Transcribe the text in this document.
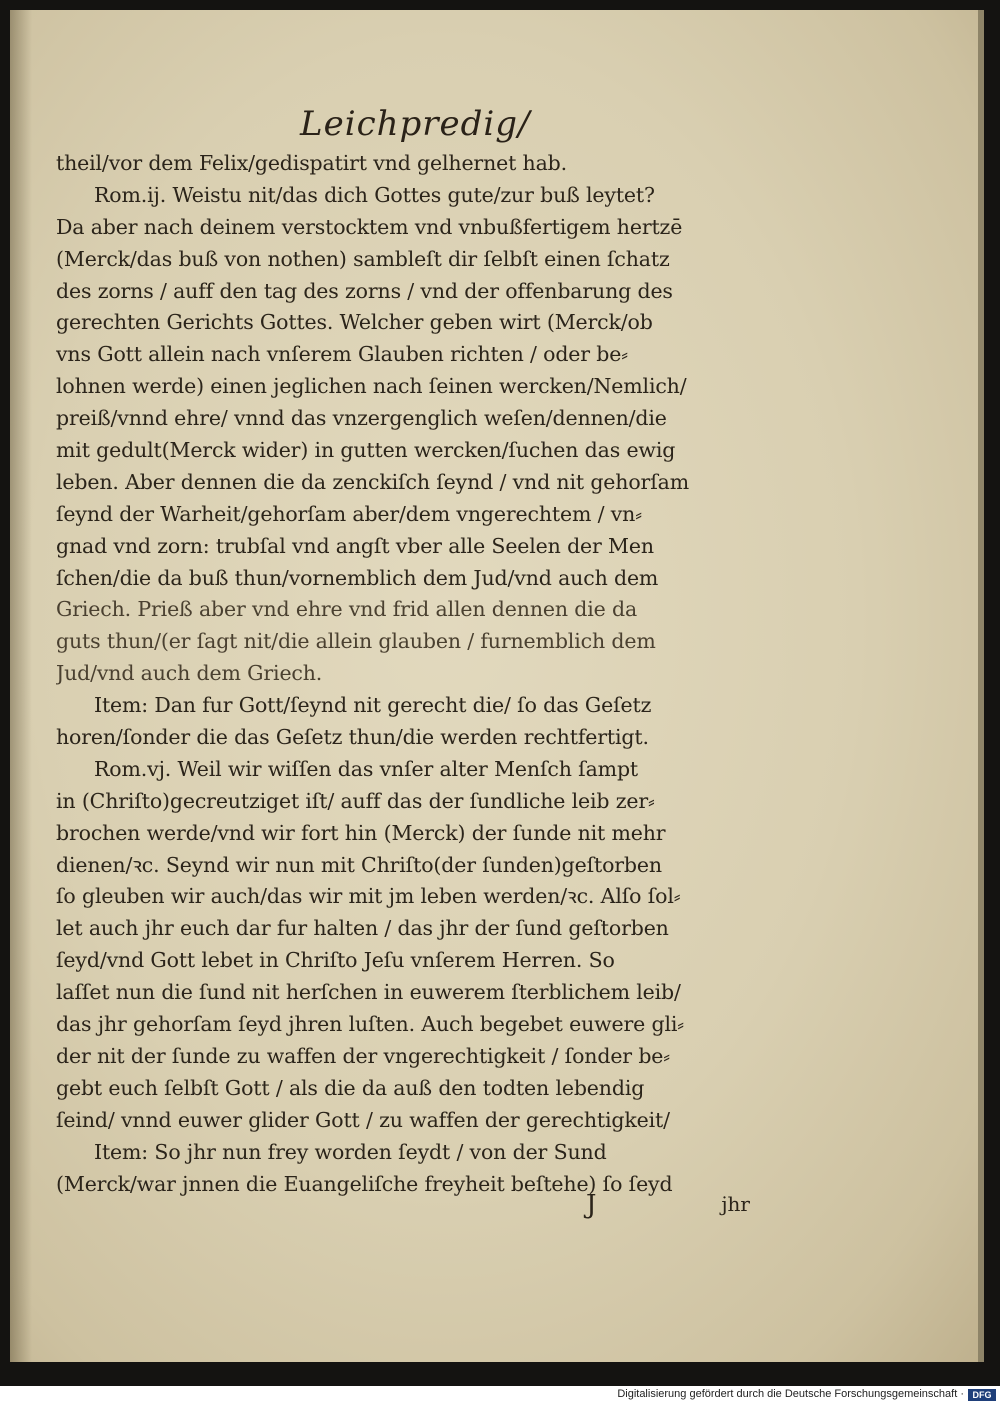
Leichpredig/
theil/vor dem Felix/gedispatirt vnd gelhernet hab.
Rom.ij. Weistu nit/das dich Gottes gute/zur buß leytet?
Da aber nach deinem verstocktem vnd vnbußfertigem hertzē
(Merck/das buß von nothen) sambleſt dir ſelbſt einen ſchatz
des zorns / auff den tag des zorns / vnd der offenbarung des
gerechten Gerichts Gottes. Welcher geben wirt (Merck/ob
vns Gott allein nach vnſerem Glauben richten / oder be⸗
lohnen werde) einen jeglichen nach ſeinen wercken/Nemlich/
preiß/vnnd ehre/ vnnd das vnzergenglich weſen/dennen/die
mit gedult(Merck wider) in gutten wercken/ſuchen das ewig
leben. Aber dennen die da zenckiſch ſeynd / vnd nit gehorſam
ſeynd der Warheit/gehorſam aber/dem vngerechtem / vn⸗
gnad vnd zorn: trubſal vnd angſt vber alle Seelen der Men
ſchen/die da buß thun/vornemblich dem Jud/vnd auch dem
Griech. Prieß aber vnd ehre vnd frid allen dennen die da
guts thun/(er ſagt nit/die allein glauben / furnemblich dem
Jud/vnd auch dem Griech.
Item: Dan fur Gott/ſeynd nit gerecht die/ ſo das Geſetz
horen/ſonder die das Geſetz thun/die werden rechtfertigt.
Rom.vj. Weil wir wiſſen das vnſer alter Menſch ſampt
in (Chriſto)gecreutziget iſt/ auff das der ſundliche leib zer⸗
brochen werde/vnd wir fort hin (Merck) der ſunde nit mehr
dienen/ꝛc. Seynd wir nun mit Chriſto(der ſunden)geſtorben
ſo gleuben wir auch/das wir mit jm leben werden/ꝛc. Alſo ſol⸗
let auch jhr euch dar fur halten / das jhr der ſund geſtorben
ſeyd/vnd Gott lebet in Chriſto Jeſu vnſerem Herren. So
laſſet nun die ſund nit herſchen in euwerem ſterblichem leib/
das jhr gehorſam ſeyd jhren luſten. Auch begebet euwere gli⸗
der nit der ſunde zu waffen der vngerechtigkeit / ſonder be⸗
gebt euch ſelbſt Gott / als die da auß den todten lebendig
ſeind/ vnnd euwer glider Gott / zu waffen der gerechtigkeit/
Item: So jhr nun frey worden ſeydt / von der Sund
(Merck/war jnnen die Euangeliſche freyheit beſtehe) ſo ſeyd
J	jhr
Digitalisierung gefördert durch die Deutsche Forschungsgemeinschaft · DFG
